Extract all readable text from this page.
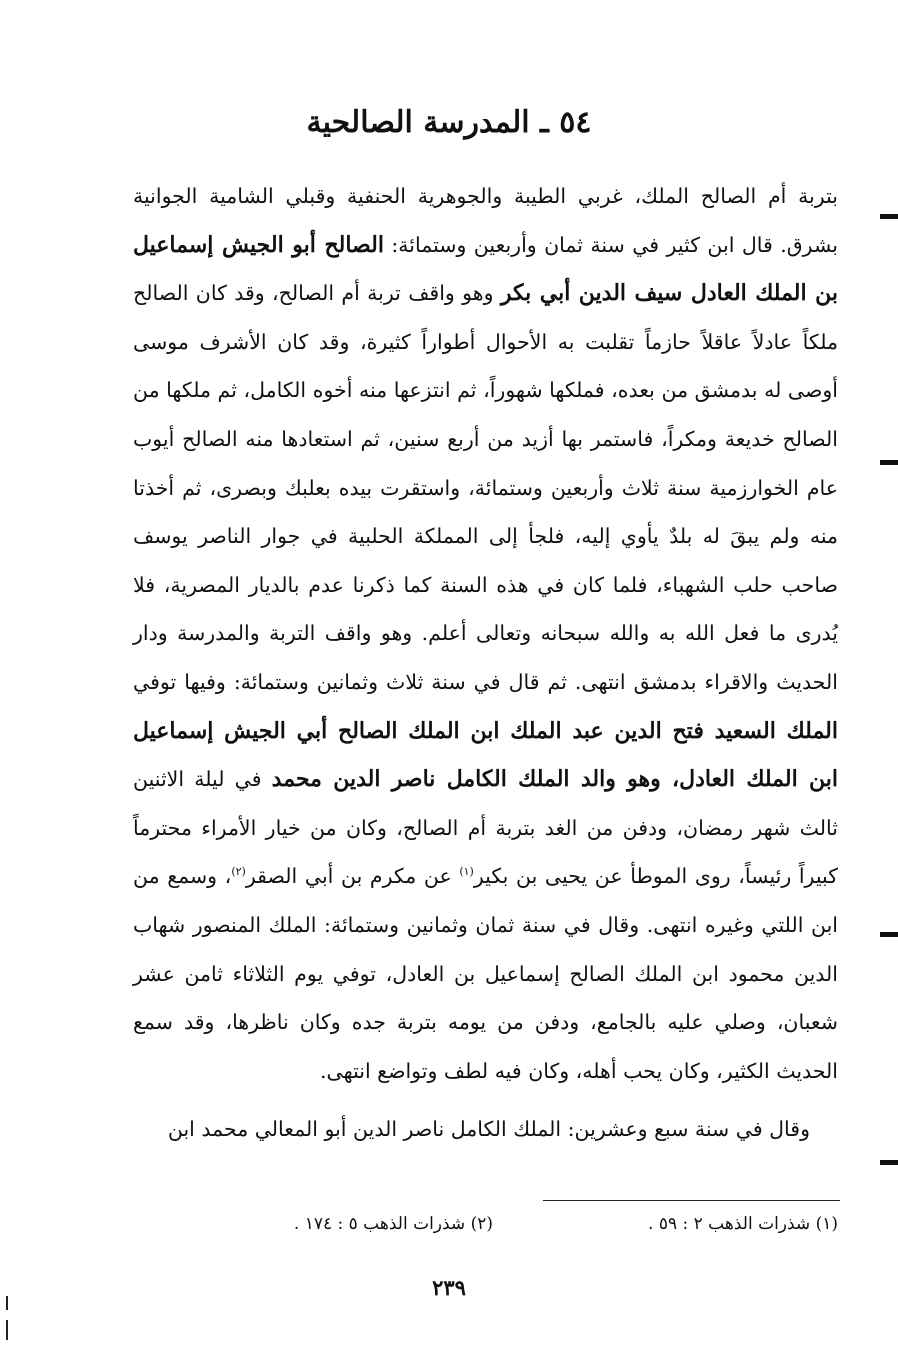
٥٤ ـ المدرسة الصالحية

بتربة أم الصالح الملك، غربي الطيبة والجوهرية الحنفية وقبلي الشامية الجوانية بشرق. قال ابن كثير في سنة ثمان وأربعين وستمائة: الصالح أبو الجيش إسماعيل بن الملك العادل سيف الدين أبي بكر وهو واقف تربة أم الصالح، وقد كان الصالح ملكاً عادلاً عاقلاً حازماً تقلبت به الأحوال أطواراً كثيرة، وقد كان الأشرف موسى أوصى له بدمشق من بعده، فملكها شهوراً، ثم انتزعها منه أخوه الكامل، ثم ملكها من الصالح خديعة ومكراً، فاستمر بها أزيد من أربع سنين، ثم استعادها منه الصالح أيوب عام الخوارزمية سنة ثلاث وأربعين وستمائة، واستقرت بيده بعلبك وبصرى، ثم أخذتا منه ولم يبقَ له بلدٌ يأوي إليه، فلجأ إلى المملكة الحلبية في جوار الناصر يوسف صاحب حلب الشهباء، فلما كان في هذه السنة كما ذكرنا عدم بالديار المصرية، فلا يُدرى ما فعل الله به والله سبحانه وتعالى أعلم. وهو واقف التربة والمدرسة ودار الحديث والاقراء بدمشق انتهى. ثم قال في سنة ثلاث وثمانين وستمائة: وفيها توفي الملك السعيد فتح الدين عبد الملك ابن الملك الصالح أبي الجيش إسماعيل ابن الملك العادل، وهو والد الملك الكامل ناصر الدين محمد في ليلة الاثنين ثالث شهر رمضان، ودفن من الغد بتربة أم الصالح، وكان من خيار الأمراء محترماً كبيراً رئيساً، روى الموطأ عن يحيى بن بكير$^{(١)}$ عن مكرم بن أبي الصقر$^{(٢)}$، وسمع من ابن اللتي وغيره انتهى. وقال في سنة ثمان وثمانين وستمائة: الملك المنصور شهاب الدين محمود ابن الملك الصالح إسماعيل بن العادل، توفي يوم الثلاثاء ثامن عشر شعبان، وصلي عليه بالجامع، ودفن من يومه بتربة جده وكان ناظرها، وقد سمع الحديث الكثير، وكان يحب أهله، وكان فيه لطف وتواضع انتهى.

وقال في سنة سبع وعشرين: الملك الكامل ناصر الدين أبو المعالي محمد ابن

(١) شذرات الذهب ٢ : ٥٩ .
(٢) شذرات الذهب ٥ : ١٧٤ .
٢٣٩
